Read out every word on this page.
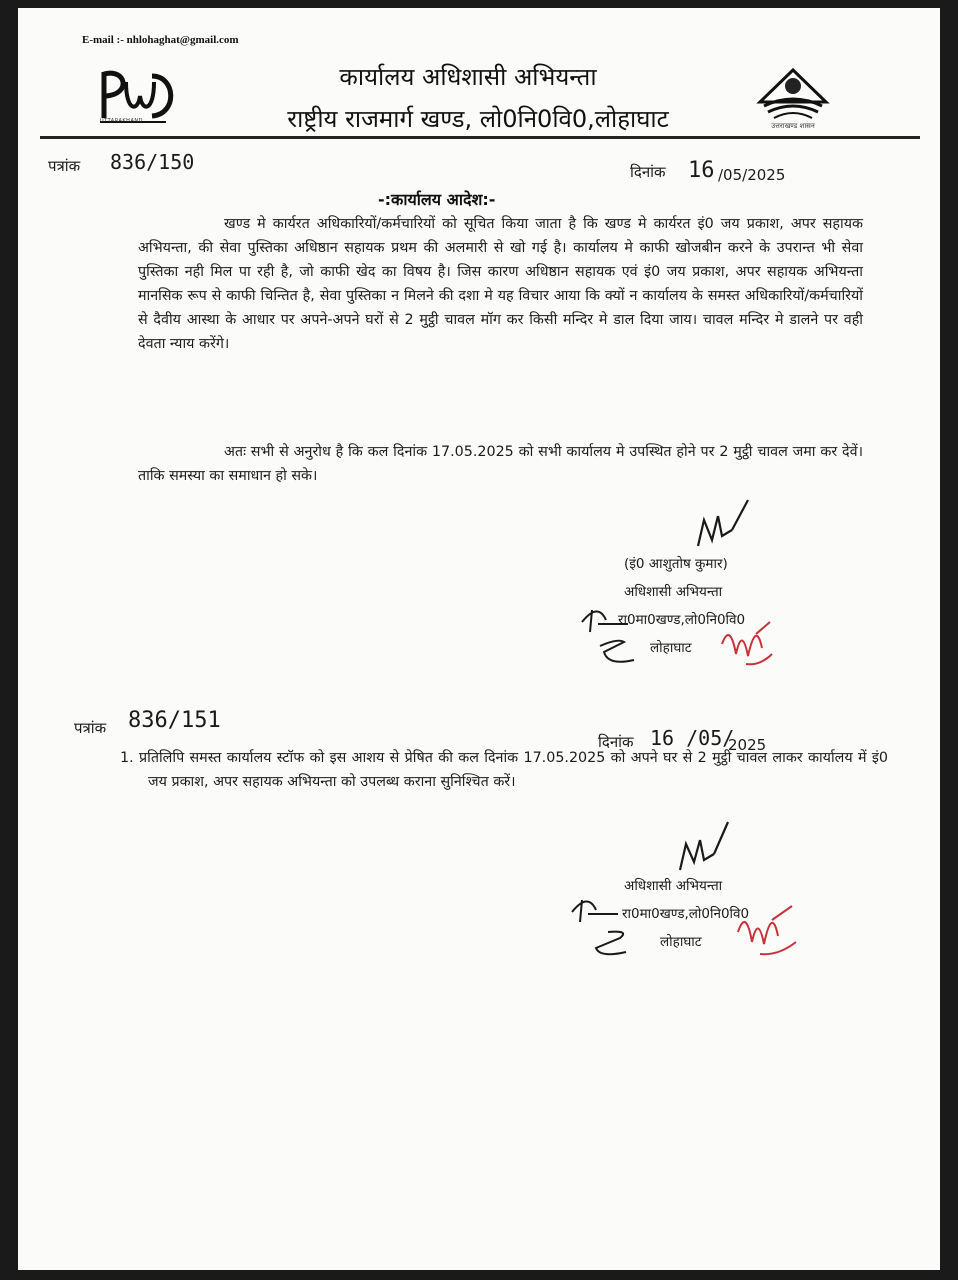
E-mail :- nhlohaghat@gmail.com
UTTARAKHAND
कार्यालय अधिशासी अभियन्ता
राष्ट्रीय राजमार्ग खण्ड, लो0नि0वि0,लोहाघाट	उत्तराखण्ड शासन
पत्रांक 836/150	दिनांक 16 /05/2025
-:कार्यालय आदेश:-
खण्ड मे कार्यरत अधिकारियों/कर्मचारियों को सूचित किया जाता है कि खण्ड मे कार्यरत इं0 जय प्रकाश, अपर सहायक अभियन्ता, की सेवा पुस्तिका अधिष्ठान सहायक प्रथम की अलमारी से खो गई है। कार्यालय मे काफी खोजबीन करने के उपरान्त भी सेवा पुस्तिका नही मिल पा रही है, जो काफी खेद का विषय है। जिस कारण अधिष्ठान सहायक एवं इं0 जय प्रकाश, अपर सहायक अभियन्ता मानसिक रूप से काफी चिन्तित है, सेवा पुस्तिका न मिलने की दशा मे यह विचार आया कि क्यों न कार्यालय के समस्त अधिकारियों/कर्मचारियों से दैवीय आस्था के आधार पर अपने-अपने घरों से 2 मुट्ठी चावल मॉग कर किसी मन्दिर मे डाल दिया जाय। चावल मन्दिर मे डालने पर वही देवता न्याय करेंगे।
अतः सभी से अनुरोध है कि कल दिनांक 17.05.2025 को सभी कार्यालय मे उपस्थित होने पर 2 मुट्ठी चावल जमा कर देवें। ताकि समस्या का समाधान हो सके।
(इं0 आशुतोष कुमार)
अधिशासी अभियन्ता
रा0मा0खण्ड,लो0नि0वि0
लोहाघाट
पत्रांक 836/151
दिनांक 16 /05/
2025
1. प्रतिलिपि समस्त कार्यालय स्टॉफ को इस आशय से प्रेषित की कल दिनांक 17.05.2025 को अपने घर से 2 मुट्ठी चावल लाकर कार्यालय में इं0 जय प्रकाश, अपर सहायक अभियन्ता को उपलब्ध कराना सुनिश्चित करें।
अधिशासी अभियन्ता
रा0मा0खण्ड,लो0नि0वि0
लोहाघाट
